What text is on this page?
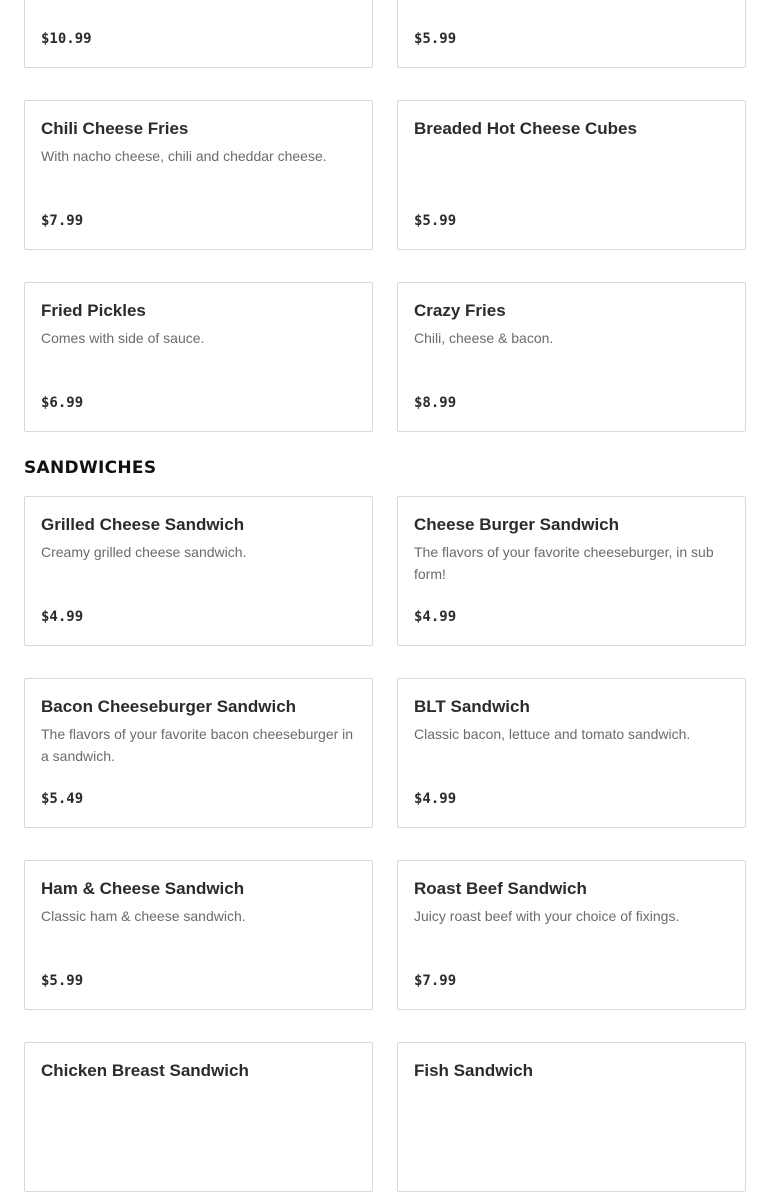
$10.99	$5.99
Chili Cheese Fries
With nacho cheese, chili and cheddar cheese.
$7.99
Breaded Hot Cheese Cubes
$5.99
Fried Pickles
Comes with side of sauce.
$6.99
Crazy Fries
Chili, cheese & bacon.
$8.99
SANDWICHES
Grilled Cheese Sandwich
Creamy grilled cheese sandwich.
$4.99
Cheese Burger Sandwich
The flavors of your favorite cheeseburger, in sub form!
$4.99
Bacon Cheeseburger Sandwich
The flavors of your favorite bacon cheeseburger in a sandwich.
$5.49
BLT Sandwich
Classic bacon, lettuce and tomato sandwich.
$4.99
Ham & Cheese Sandwich
Classic ham & cheese sandwich.
$5.99
Roast Beef Sandwich
Juicy roast beef with your choice of fixings.
$7.99
Chicken Breast Sandwich	Fish Sandwich
